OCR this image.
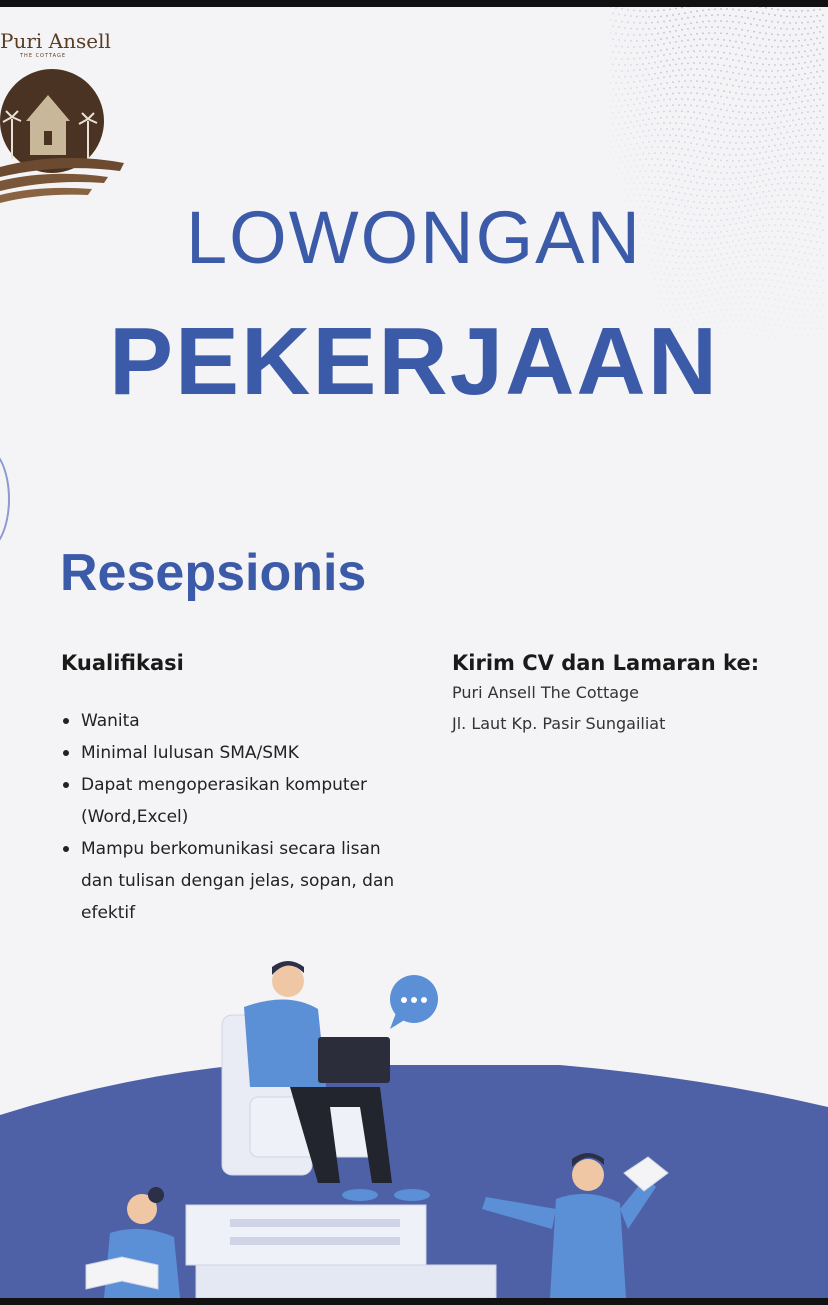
Puri Ansell
THE COTTAGE
LOWONGAN
PEKERJAAN
Resepsionis
Kualifikasi
Wanita
Minimal lulusan SMA/SMK
Dapat mengoperasikan komputer (Word,Excel)
Mampu berkomunikasi secara lisan dan tulisan dengan jelas, sopan, dan efektif
Kirim CV dan Lamaran ke:
Puri Ansell The Cottage
Jl. Laut Kp. Pasir Sungailiat
